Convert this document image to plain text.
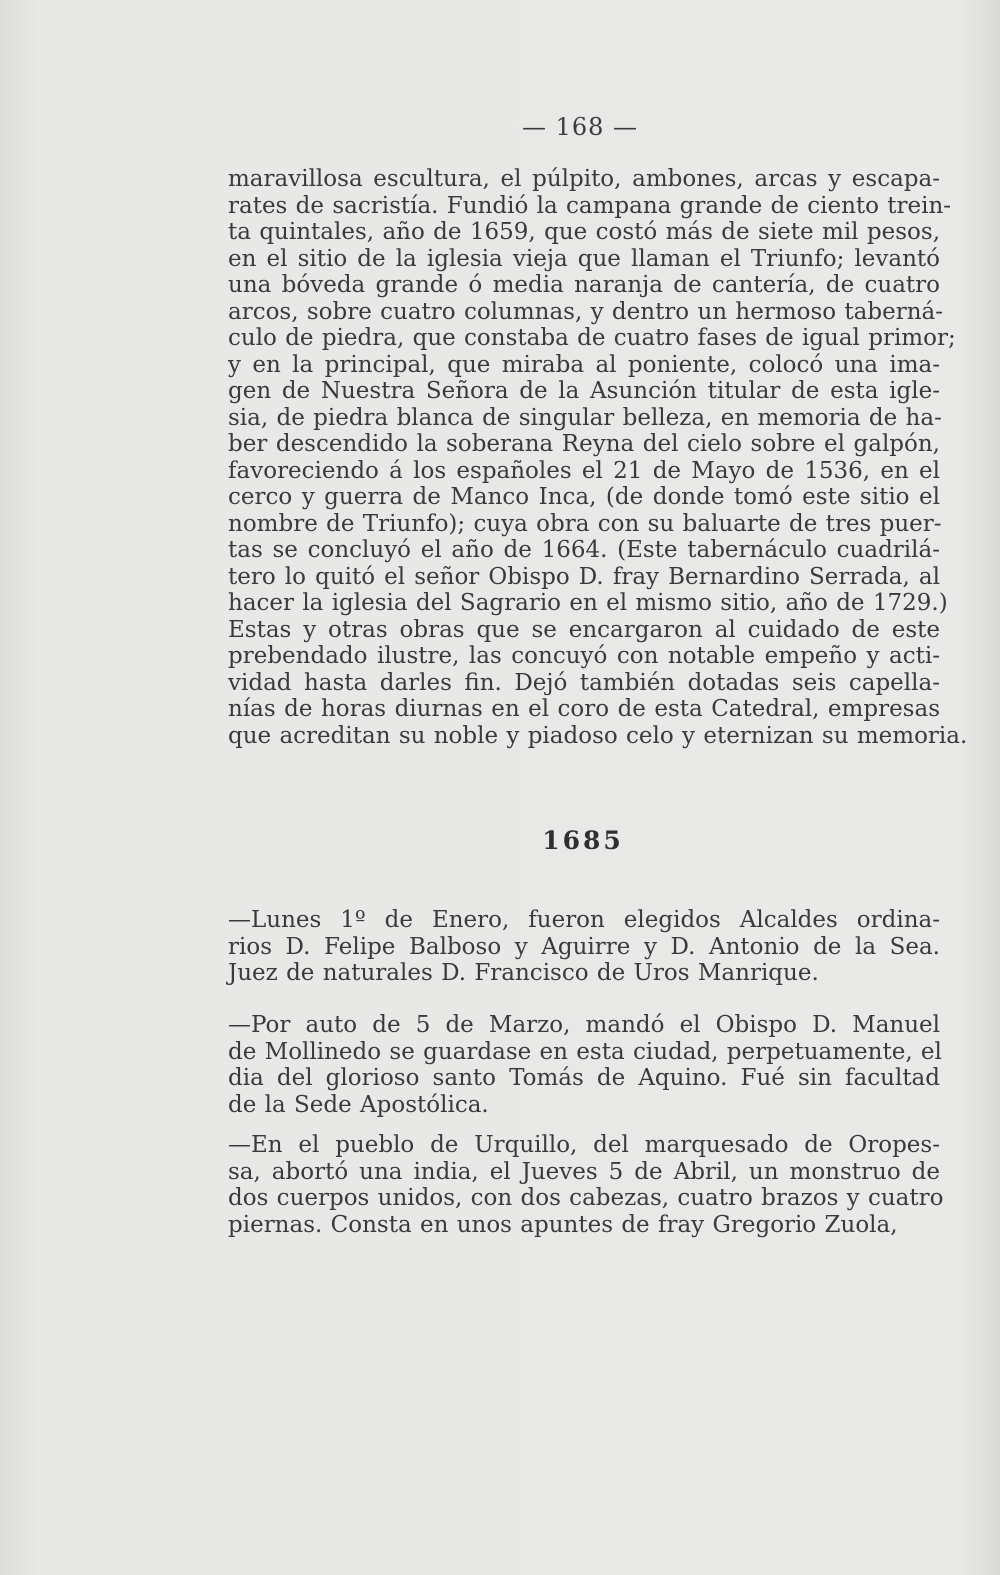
— 168 —
maravillosa escultura, el púlpito, ambones, arcas y escapa-
rates de sacristía. Fundió la campana grande de ciento trein-
ta quintales, año de 1659, que costó más de siete mil pesos,
en el sitio de la iglesia vieja que llaman el Triunfo; levantó
una bóveda grande ó media naranja de cantería, de cuatro
arcos, sobre cuatro columnas, y dentro un hermoso taberná-
culo de piedra, que constaba de cuatro fases de igual primor;
y en la principal, que miraba al poniente, colocó una ima-
gen de Nuestra Señora de la Asunción titular de esta igle-
sia, de piedra blanca de singular belleza, en memoria de ha-
ber descendido la soberana Reyna del cielo sobre el galpón,
favoreciendo á los españoles el 21 de Mayo de 1536, en el
cerco y guerra de Manco Inca, (de donde tomó este sitio el
nombre de Triunfo); cuya obra con su baluarte de tres puer-
tas se concluyó el año de 1664. (Este tabernáculo cuadrilá-
tero lo quitó el señor Obispo D. fray Bernardino Serrada, al
hacer la iglesia del Sagrario en el mismo sitio, año de 1729.)
Estas y otras obras que se encargaron al cuidado de este
prebendado ilustre, las concuyó con notable empeño y acti-
vidad hasta darles fin. Dejó también dotadas seis capella-
nías de horas diurnas en el coro de esta Catedral, empresas
que acreditan su noble y piadoso celo y eternizan su memoria.
1685
—Lunes 1º de Enero, fueron elegidos Alcaldes ordina-
rios D. Felipe Balboso y Aguirre y D. Antonio de la Sea.
Juez de naturales D. Francisco de Uros Manrique.
—Por auto de 5 de Marzo, mandó el Obispo D. Manuel
de Mollinedo se guardase en esta ciudad, perpetuamente, el
dia del glorioso santo Tomás de Aquino. Fué sin facultad
de la Sede Apostólica.
—En el pueblo de Urquillo, del marquesado de Oropes-
sa, abortó una india, el Jueves 5 de Abril, un monstruo de
dos cuerpos unidos, con dos cabezas, cuatro brazos y cuatro
piernas. Consta en unos apuntes de fray Gregorio Zuola,
